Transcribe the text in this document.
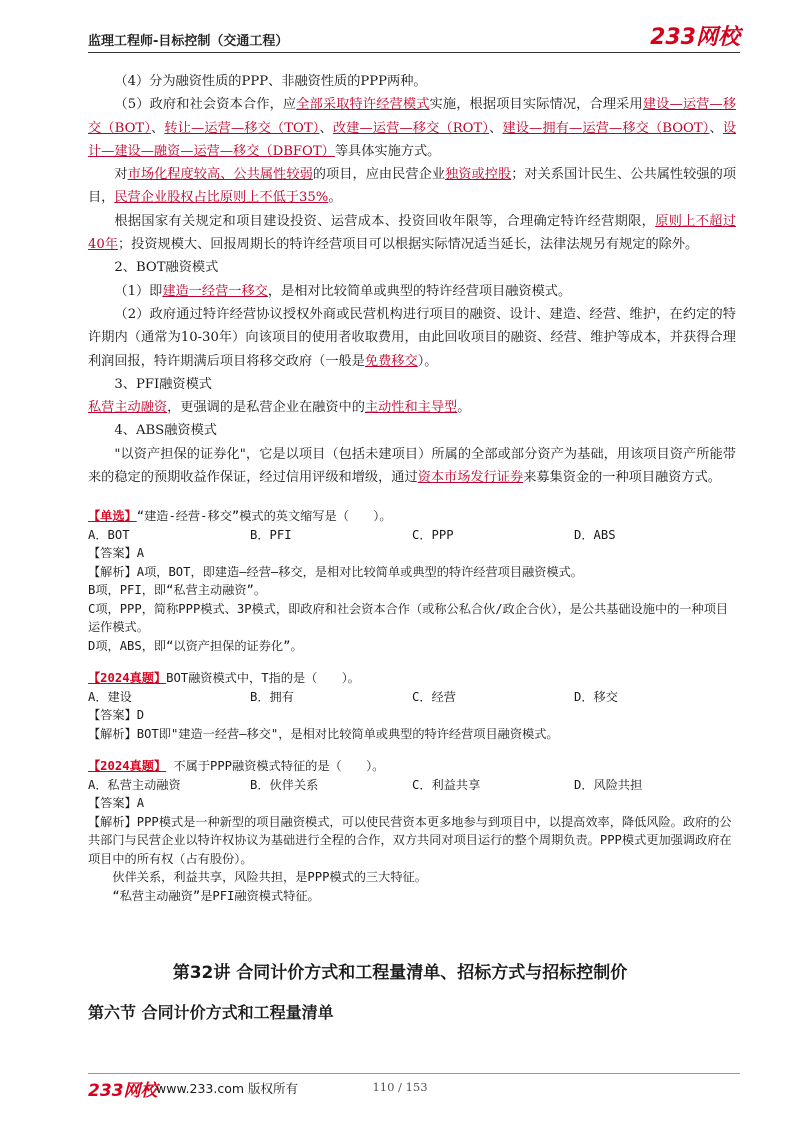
监理工程师-目标控制（交通工程）	233网校

（4）分为融资性质的PPP、非融资性质的PPP两种。

（5）政府和社会资本合作，应全部采取特许经营模式实施，根据项目实际情况，合理采用建设—运营—移交（BOT）、转让—运营—移交（TOT）、改建—运营—移交（ROT）、建设—拥有—运营—移交（BOOT）、设计—建设—融资—运营—移交（DBFOT）等具体实施方式。

对市场化程度较高、公共属性较弱的项目，应由民营企业独资或控股；对关系国计民生、公共属性较强的项目，民营企业股权占比原则上不低于35%。

根据国家有关规定和项目建设投资、运营成本、投资回收年限等，合理确定特许经营期限，原则上不超过40年；投资规模大、回报周期长的特许经营项目可以根据实际情况适当延长，法律法规另有规定的除外。

2、BOT融资模式

（1）即建造一经营一移交，是相对比较简单或典型的特许经营项目融资模式。

（2）政府通过特许经营协议授权外商或民营机构进行项目的融资、设计、建造、经营、维护，在约定的特许期内（通常为10-30年）向该项目的使用者收取费用，由此回收项目的融资、经营、维护等成本，并获得合理利润回报，特许期满后项目将移交政府（一般是免费移交）。

3、PFI融资模式

私营主动融资，更强调的是私营企业在融资中的主动性和主导型。

4、ABS融资模式

"以资产担保的证券化"，它是以项目（包括未建项目）所属的全部或部分资产为基础，用该项目资产所能带来的稳定的预期收益作保证，经过信用评级和增级，通过资本市场发行证券来募集资金的一种项目融资方式。

【单选】“建造-经营-移交”模式的英文缩写是（　　）。
A．BOT	B．PFI	C．PPP	D．ABS
【答案】A
【解析】A项，BOT，即建造—经营—移交，是相对比较简单或典型的特许经营项目融资模式。
B项，PFI，即“私营主动融资”。
C项，PPP，简称PPP模式、3P模式，即政府和社会资本合作（或称公私合伙/政企合伙），是公共基础设施中的一种项目运作模式。
D项，ABS，即“以资产担保的证券化”。
【2024真题】BOT融资模式中，T指的是（　　）。
A．建设	B．拥有	C．经营	D．移交
【答案】D
【解析】BOT即"建造一经营—移交"，是相对比较简单或典型的特许经营项目融资模式。
【2024真题】 不属于PPP融资模式特征的是（　　）。
A．私营主动融资	B．伙伴关系	C．利益共享	D．风险共担
【答案】A
【解析】PPP模式是一种新型的项目融资模式，可以使民营资本更多地参与到项目中，以提高效率，降低风险。政府的公共部门与民营企业以特许权协议为基础进行全程的合作，双方共同对项目运行的整个周期负责。PPP模式更加强调政府在项目中的所有权（占有股份）。
伙伴关系，利益共享，风险共担，是PPP模式的三大特征。
“私营主动融资”是PFI融资模式特征。
第32讲 合同计价方式和工程量清单、招标方式与招标控制价
第六节 合同计价方式和工程量清单
233网校
www.233.com 版权所有	110 / 153
